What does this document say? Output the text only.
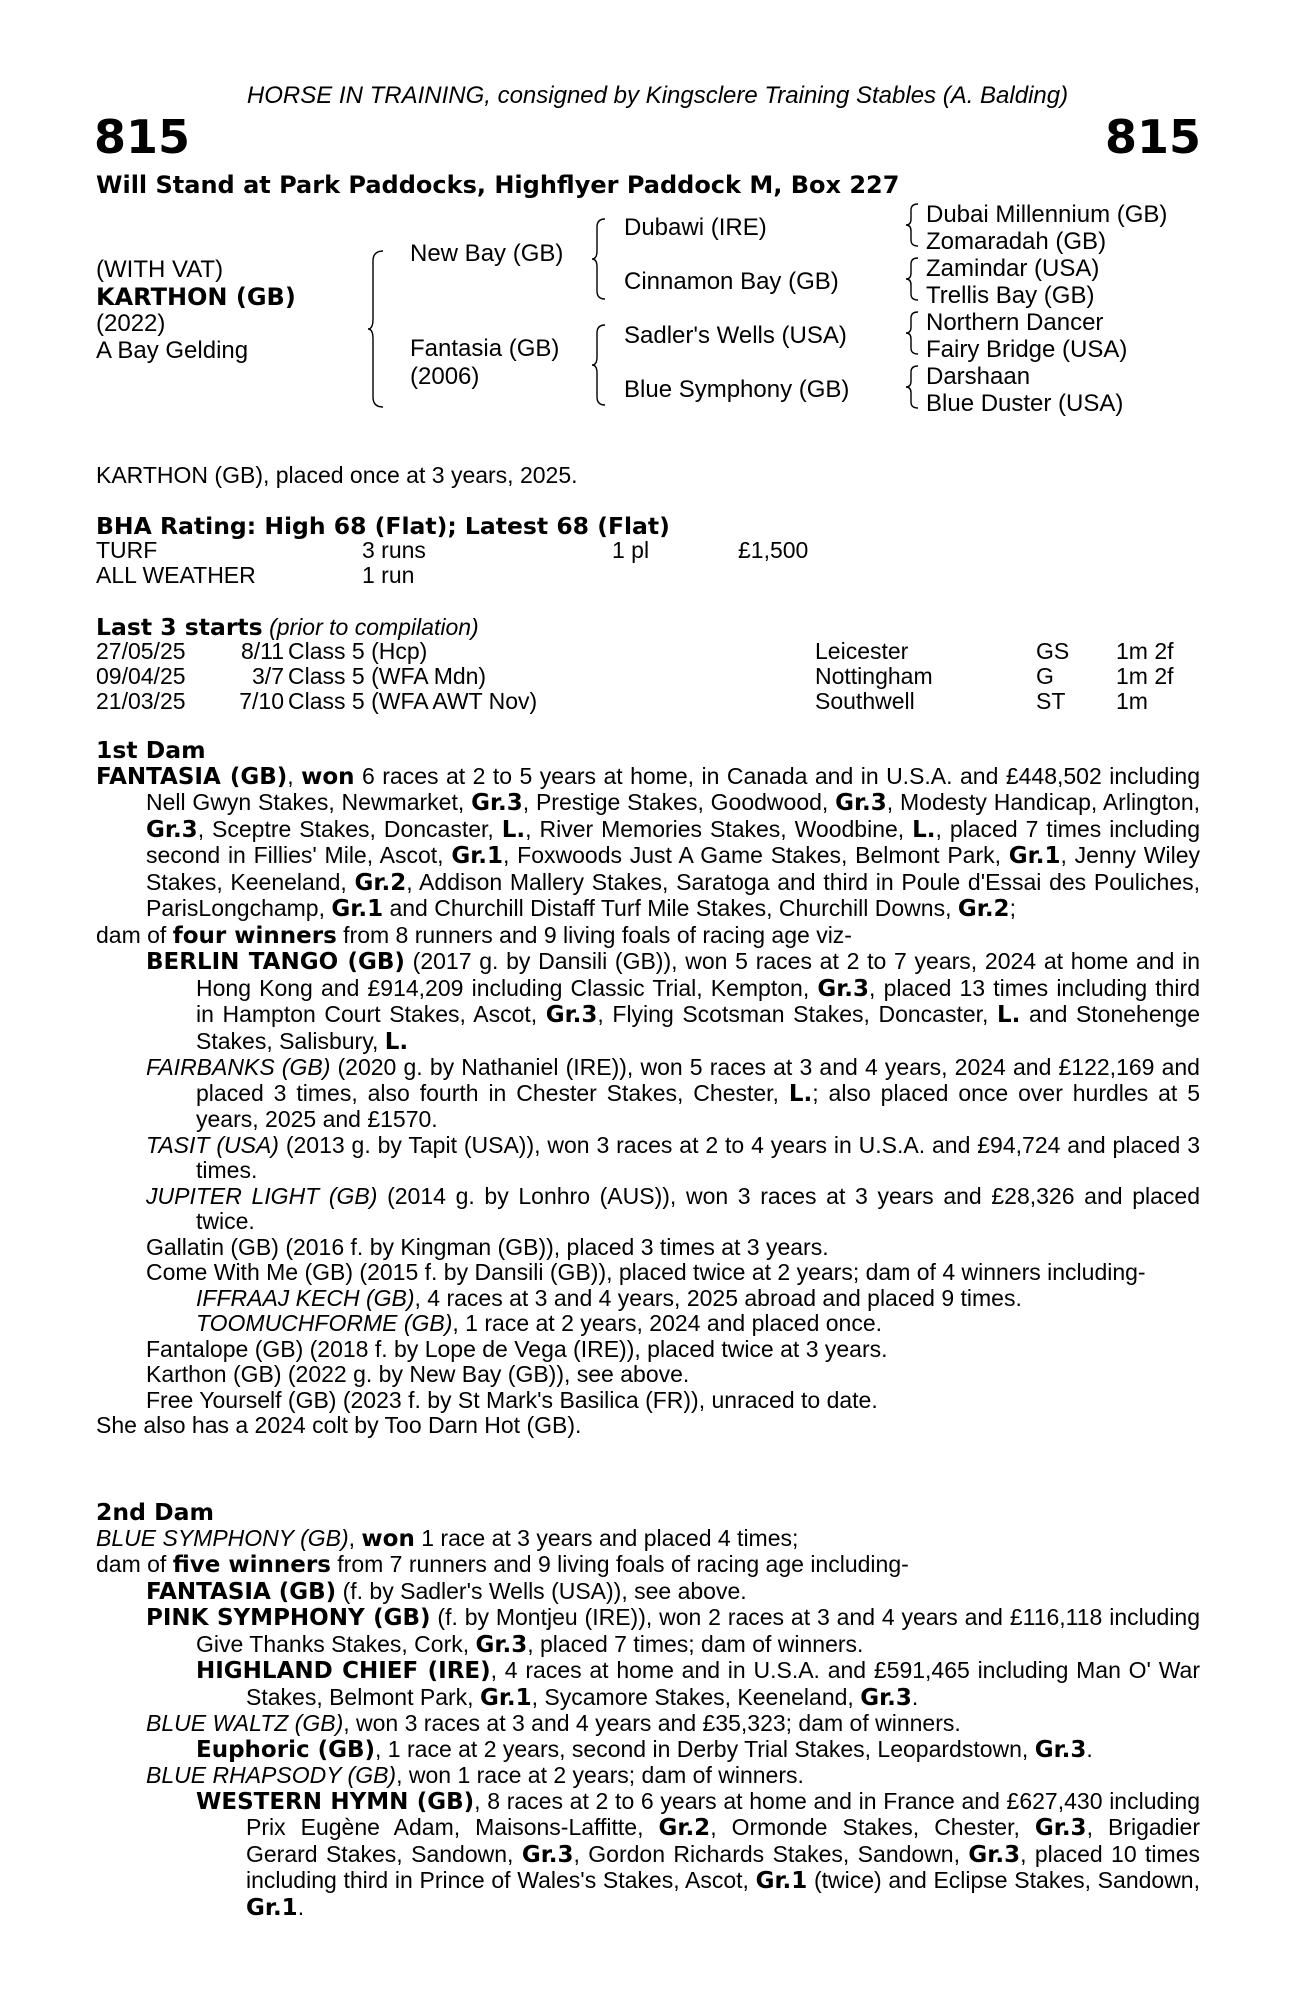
HORSE IN TRAINING, consigned by Kingsclere Training Stables (A. Balding)
815	815
Will Stand at Park Paddocks, Highflyer Paddock M, Box 227
(WITH VAT)
KARTHON (GB)
(2022)
A Bay Gelding
New Bay (GB)
Fantasia (GB)
(2006)
Dubawi (IRE)
Cinnamon Bay (GB)
Sadler's Wells (USA)
Blue Symphony (GB)
Dubai Millennium (GB)
Zomaradah (GB)
Zamindar (USA)
Trellis Bay (GB)
Northern Dancer
Fairy Bridge (USA)
Darshaan
Blue Duster (USA)
KARTHON (GB), placed once at 3 years, 2025.
BHA Rating: High 68 (Flat); Latest 68 (Flat)
TURF	3 runs	1 pl	£1,500
ALL WEATHER	1 run
Last 3 starts (prior to compilation)
27/05/25	8/11 Class 5 (Hcp)	Leicester	GS 1m 2f
09/04/25	3/7 Class 5 (WFA Mdn)	Nottingham	G	1m 2f
21/03/25	7/10 Class 5 (WFA AWT Nov)	Southwell	ST 1m
1st Dam
FANTASIA (GB), won 6 races at 2 to 5 years at home, in Canada and in U.S.A. and £448,502 including Nell Gwyn Stakes, Newmarket, Gr.3, Prestige Stakes, Goodwood, Gr.3, Modesty Handicap, Arlington, Gr.3, Sceptre Stakes, Doncaster, L., River Memories Stakes, Woodbine, L., placed 7 times including second in Fillies' Mile, Ascot, Gr.1, Foxwoods Just A Game Stakes, Belmont Park, Gr.1, Jenny Wiley Stakes, Keeneland, Gr.2, Addison Mallery Stakes, Saratoga and third in Poule d'Essai des Pouliches, ParisLongchamp, Gr.1 and Churchill Distaff Turf Mile Stakes, Churchill Downs, Gr.2;
dam of four winners from 8 runners and 9 living foals of racing age viz-
BERLIN TANGO (GB) (2017 g. by Dansili (GB)), won 5 races at 2 to 7 years, 2024 at home and in Hong Kong and £914,209 including Classic Trial, Kempton, Gr.3, placed 13 times including third in Hampton Court Stakes, Ascot, Gr.3, Flying Scotsman Stakes, Doncaster, L. and Stonehenge Stakes, Salisbury, L.
FAIRBANKS (GB) (2020 g. by Nathaniel (IRE)), won 5 races at 3 and 4 years, 2024 and £122,169 and placed 3 times, also fourth in Chester Stakes, Chester, L.; also placed once over hurdles at 5 years, 2025 and £1570.
TASIT (USA) (2013 g. by Tapit (USA)), won 3 races at 2 to 4 years in U.S.A. and £94,724 and placed 3 times.
JUPITER LIGHT (GB) (2014 g. by Lonhro (AUS)), won 3 races at 3 years and £28,326 and placed twice.
Gallatin (GB) (2016 f. by Kingman (GB)), placed 3 times at 3 years.
Come With Me (GB) (2015 f. by Dansili (GB)), placed twice at 2 years; dam of 4 winners including-
IFFRAAJ KECH (GB), 4 races at 3 and 4 years, 2025 abroad and placed 9 times.
TOOMUCHFORME (GB), 1 race at 2 years, 2024 and placed once.
Fantalope (GB) (2018 f. by Lope de Vega (IRE)), placed twice at 3 years.
Karthon (GB) (2022 g. by New Bay (GB)), see above.
Free Yourself (GB) (2023 f. by St Mark's Basilica (FR)), unraced to date.
She also has a 2024 colt by Too Darn Hot (GB).
2nd Dam
BLUE SYMPHONY (GB), won 1 race at 3 years and placed 4 times;
dam of five winners from 7 runners and 9 living foals of racing age including-
FANTASIA (GB) (f. by Sadler's Wells (USA)), see above.
PINK SYMPHONY (GB) (f. by Montjeu (IRE)), won 2 races at 3 and 4 years and £116,118 including Give Thanks Stakes, Cork, Gr.3, placed 7 times; dam of winners.
HIGHLAND CHIEF (IRE), 4 races at home and in U.S.A. and £591,465 including Man O' War Stakes, Belmont Park, Gr.1, Sycamore Stakes, Keeneland, Gr.3.
BLUE WALTZ (GB), won 3 races at 3 and 4 years and £35,323; dam of winners.
Euphoric (GB), 1 race at 2 years, second in Derby Trial Stakes, Leopardstown, Gr.3.
BLUE RHAPSODY (GB), won 1 race at 2 years; dam of winners.
WESTERN HYMN (GB), 8 races at 2 to 6 years at home and in France and £627,430 including Prix Eugène Adam, Maisons-Laffitte, Gr.2, Ormonde Stakes, Chester, Gr.3, Brigadier Gerard Stakes, Sandown, Gr.3, Gordon Richards Stakes, Sandown, Gr.3, placed 10 times including third in Prince of Wales's Stakes, Ascot, Gr.1 (twice) and Eclipse Stakes, Sandown, Gr.1.
